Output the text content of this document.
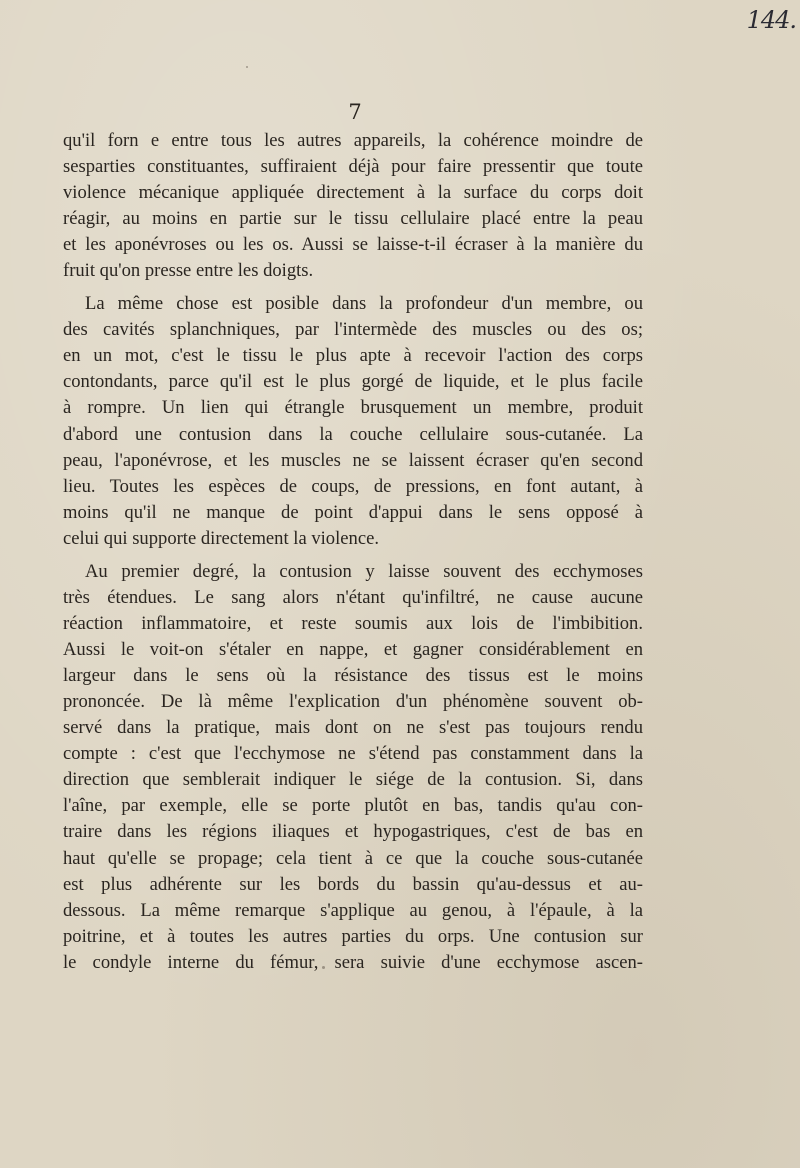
144.
7
qu'il forn e entre tous les autres appareils, la cohérence moindre de
sesparties constituantes, suffiraient déjà pour faire pressentir que toute
violence mécanique appliquée directement à la surface du corps doit
réagir, au moins en partie sur le tissu cellulaire placé entre la peau
et les aponévroses ou les os. Aussi se laisse-t-il écraser à la manière du
fruit qu'on presse entre les doigts.
La même chose est posible dans la profondeur d'un membre, ou
des cavités splanchniques, par l'intermède des muscles ou des os;
en un mot, c'est le tissu le plus apte à recevoir l'action des corps
contondants, parce qu'il est le plus gorgé de liquide, et le plus facile
à rompre. Un lien qui étrangle brusquement un membre, produit
d'abord une contusion dans la couche cellulaire sous-cutanée. La
peau, l'aponévrose, et les muscles ne se laissent écraser qu'en second
lieu. Toutes les espèces de coups, de pressions, en font autant, à
moins qu'il ne manque de point d'appui dans le sens opposé à
celui qui supporte directement la violence.
Au premier degré, la contusion y laisse souvent des ecchymoses
très étendues. Le sang alors n'étant qu'infiltré, ne cause aucune
réaction inflammatoire, et reste soumis aux lois de l'imbibition.
Aussi le voit-on s'étaler en nappe, et gagner considérablement en
largeur dans le sens où la résistance des tissus est le moins
prononcée. De là même l'explication d'un phénomène souvent ob-
servé dans la pratique, mais dont on ne s'est pas toujours rendu
compte : c'est que l'ecchymose ne s'étend pas constamment dans la
direction que semblerait indiquer le siége de la contusion. Si, dans
l'aîne, par exemple, elle se porte plutôt en bas, tandis qu'au con-
traire dans les régions iliaques et hypogastriques, c'est de bas en
haut qu'elle se propage; cela tient à ce que la couche sous-cutanée
est plus adhérente sur les bords du bassin qu'au-dessus et au-
dessous. La même remarque s'applique au genou, à l'épaule, à la
poitrine, et à toutes les autres parties du orps. Une contusion sur
le condyle interne du fémur, sera suivie d'une ecchymose ascen-
